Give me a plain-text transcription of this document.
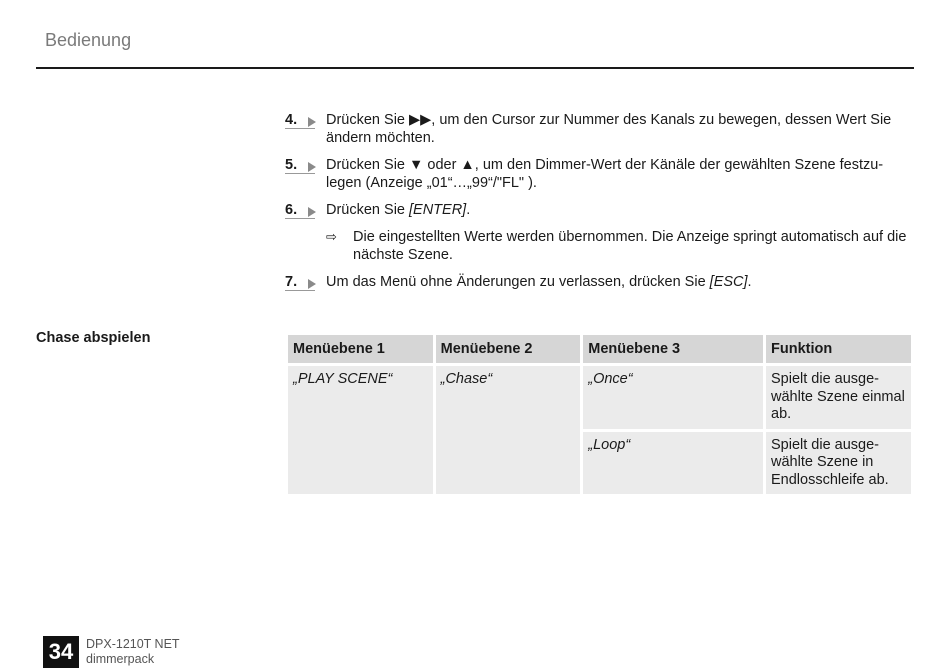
Bedienung
4.	Drücken Sie ▶▶, um den Cursor zur Nummer des Kanals zu bewegen, dessen Wert Sie ändern möchten.
5.	Drücken Sie ▼ oder ▲, um den Dimmer-Wert der Känäle der gewählten Szene festzu-legen (Anzeige „01“…„99“/"FL" ).
6.	Drücken Sie [ENTER].
⇨ Die eingestellten Werte werden übernommen. Die Anzeige springt automatisch auf die nächste Szene.
7.	Um das Menü ohne Änderungen zu verlassen, drücken Sie [ESC].
Chase abspielen
Menüebene 1	Menüebene 2	Menüebene 3	Funktion
„PLAY SCENE“	„Chase“	„Once“	Spielt die ausge-wählte Szene einmal ab.
		„Loop“	Spielt die ausge-wählte Szene in Endlosschleife ab.
34	DPX-1210T NET
dimmerpack
